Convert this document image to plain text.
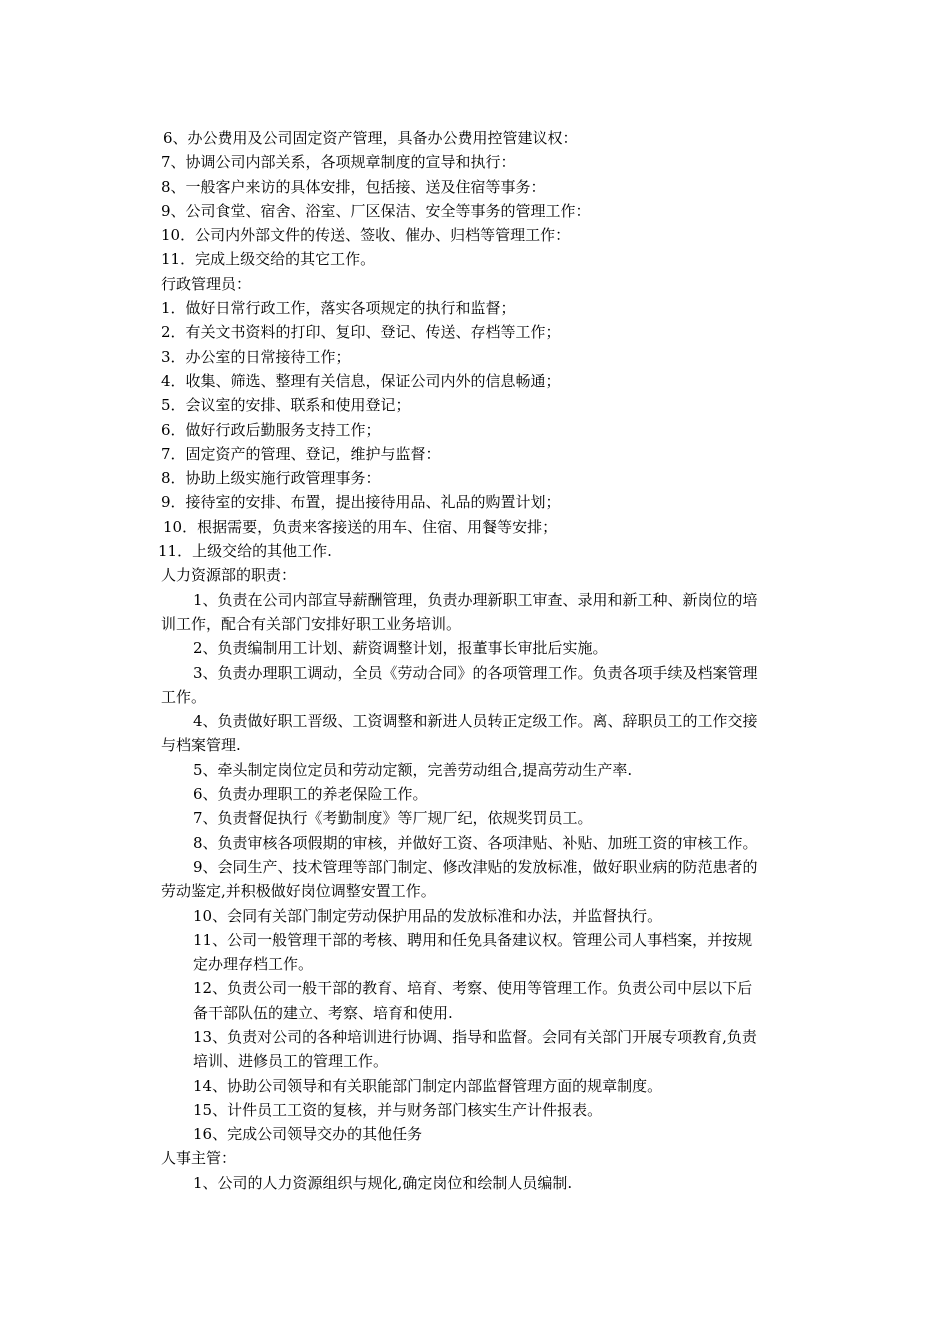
6、办公费用及公司固定资产管理，具备办公费用控管建议权：
7、协调公司内部关系，各项规章制度的宣导和执行：
8、一般客户来访的具体安排，包括接、送及住宿等事务：
9、公司食堂、宿舍、浴室、厂区保洁、安全等事务的管理工作：
10．公司内外部文件的传送、签收、催办、归档等管理工作：
11．完成上级交给的其它工作。
行政管理员：
1．做好日常行政工作，落实各项规定的执行和监督；
2．有关文书资料的打印、复印、登记、传送、存档等工作；
3．办公室的日常接待工作；
4．收集、筛选、整理有关信息，保证公司内外的信息畅通；
5．会议室的安排、联系和使用登记；
6．做好行政后勤服务支持工作；
7．固定资产的管理、登记，维护与监督：
8．协助上级实施行政管理事务：
9．接待室的安排、布置，提出接待用品、礼品的购置计划；
10．根据需要，负责来客接送的用车、住宿、用餐等安排；
11．上级交给的其他工作.
人力资源部的职责：
1、负责在公司内部宣导薪酬管理，负责办理新职工审查、录用和新工种、新岗位的培
训工作，配合有关部门安排好职工业务培训。
2、负责编制用工计划、薪资调整计划，报董事长审批后实施。
3、负责办理职工调动，全员《劳动合同》的各项管理工作。负责各项手续及档案管理
工作。
4、负责做好职工晋级、工资调整和新进人员转正定级工作。离、辞职员工的工作交接
与档案管理.
5、牵头制定岗位定员和劳动定额，完善劳动组合,提高劳动生产率.
6、负责办理职工的养老保险工作。
7、负责督促执行《考勤制度》等厂规厂纪，依规奖罚员工。
8、负责审核各项假期的审核，并做好工资、各项津贴、补贴、加班工资的审核工作。
9、会同生产、技术管理等部门制定、修改津贴的发放标准，做好职业病的防范患者的
劳动鉴定,并积极做好岗位调整安置工作。
10、会同有关部门制定劳动保护用品的发放标准和办法，并监督执行。
11、公司一般管理干部的考核、聘用和任免具备建议权。管理公司人事档案，并按规
定办理存档工作。
12、负责公司一般干部的教育、培育、考察、使用等管理工作。负责公司中层以下后
备干部队伍的建立、考察、培育和使用.
13、负责对公司的各种培训进行协调、指导和监督。会同有关部门开展专项教育,负责
培训、进修员工的管理工作。
14、协助公司领导和有关职能部门制定内部监督管理方面的规章制度。
15、计件员工工资的复核，并与财务部门核实生产计件报表。
16、完成公司领导交办的其他任务
人事主管：
1、公司的人力资源组织与规化,确定岗位和绘制人员编制.
